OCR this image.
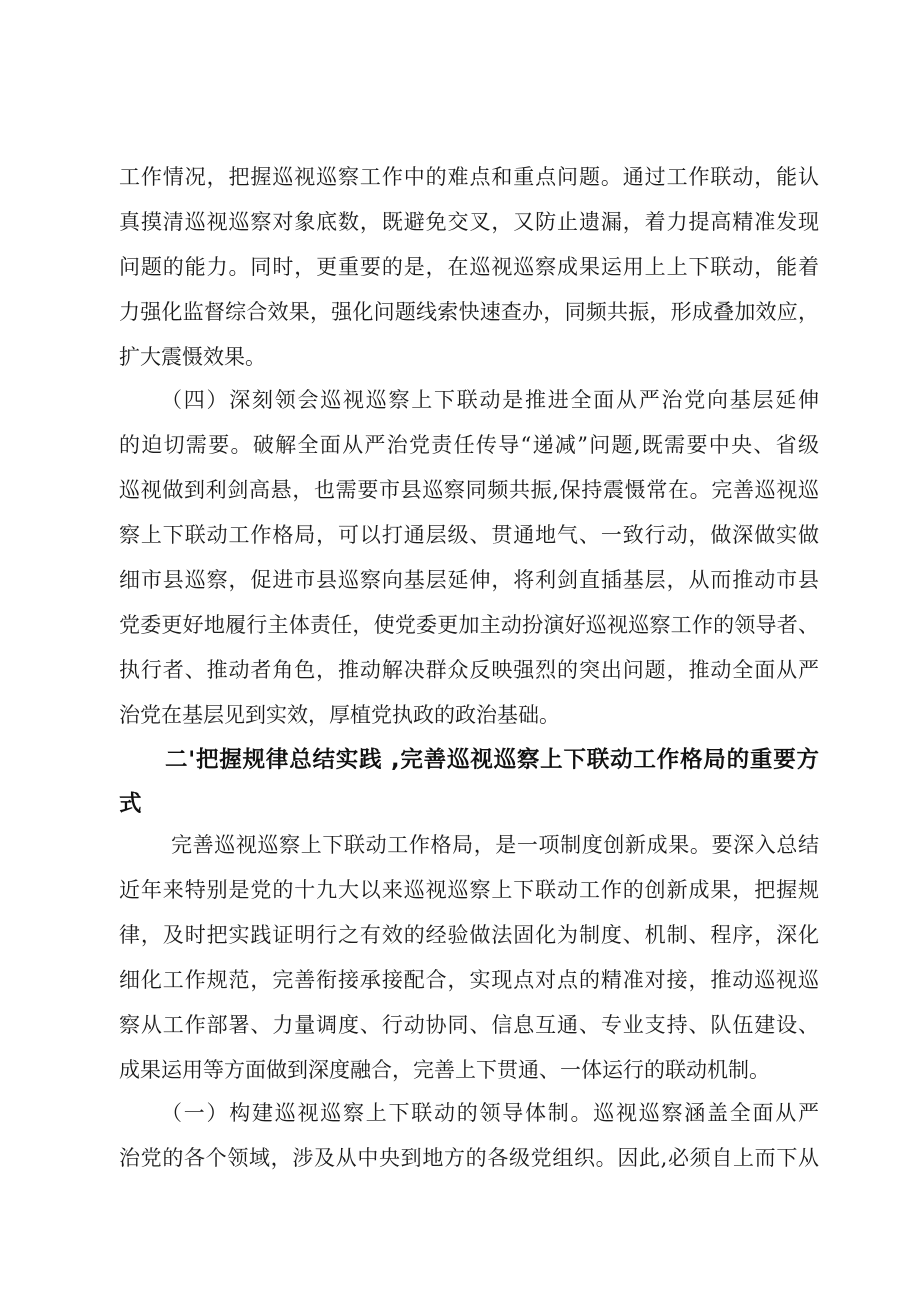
工作情况，把握巡视巡察工作中的难点和重点问题。通过工作联动，能认
真摸清巡视巡察对象底数，既避免交叉，又防止遗漏，着力提高精准发现
问题的能力。同时，更重要的是，在巡视巡察成果运用上上下联动，能着
力强化监督综合效果，强化问题线索快速查办，同频共振，形成叠加效应，
扩大震慑效果。
（四）深刻领会巡视巡察上下联动是推进全面从严治党向基层延伸
的迫切需要。破解全面从严治党责任传导“递减”问题,既需要中央、省级
巡视做到利剑高悬，也需要市县巡察同频共振,保持震慑常在。完善巡视巡
察上下联动工作格局，可以打通层级、贯通地气、一致行动，做深做实做
细市县巡察，促进市县巡察向基层延伸，将利剑直插基层，从而推动市县
党委更好地履行主体责任，使党委更加主动扮演好巡视巡察工作的领导者、
执行者、推动者角色，推动解决群众反映强烈的突出问题，推动全面从严
治党在基层见到实效，厚植党执政的政治基础。
二'把握规律总结实践 ,完善巡视巡察上下联动工作格局的重要方
式
完善巡视巡察上下联动工作格局，是一项制度创新成果。要深入总结
近年来特别是党的十九大以来巡视巡察上下联动工作的创新成果，把握规
律，及时把实践证明行之有效的经验做法固化为制度、机制、程序，深化
细化工作规范，完善衔接承接配合，实现点对点的精准对接，推动巡视巡
察从工作部署、力量调度、行动协同、信息互通、专业支持、队伍建设、
成果运用等方面做到深度融合，完善上下贯通、一体运行的联动机制。
（一）构建巡视巡察上下联动的领导体制。巡视巡察涵盖全面从严
治党的各个领域，涉及从中央到地方的各级党组织。因此,必须自上而下从
